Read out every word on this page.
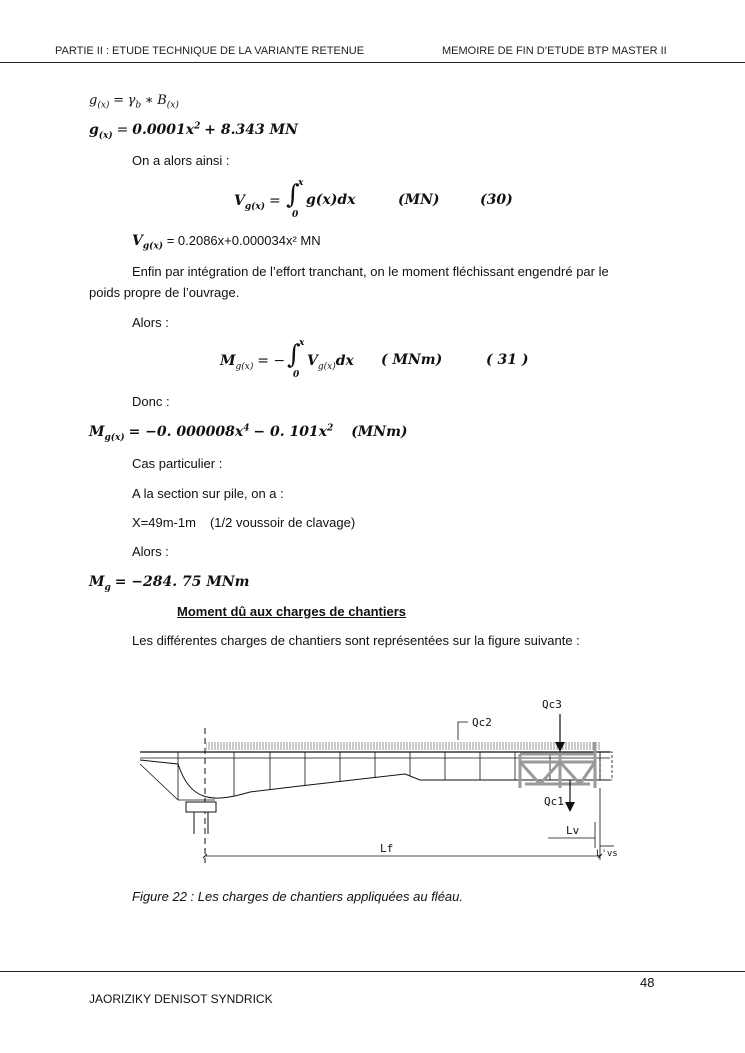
PARTIE II : ETUDE TECHNIQUE DE LA VARIANTE RETENUE	MEMOIRE DE FIN D’ETUDE BTP MASTER II
$g_{(x)} = \gamma_b$ ∗ $B_{(x)}$
$g_{(x)} = 0.0001x^2 + 8.343$ MN
On a alors ainsi :
$V_{g(x)}$ = ∫
x
0
g(x)dx	(MN)	(30)
$V_{g(x)} = 0.2086x+0.000034x^2$ MN
Enfin par intégration de l’effort tranchant, on le moment fléchissant engendré par le
poids propre de l’ouvrage.
Alors :
$M_{g(x)}$ = − ∫
x
0
$V_{g(x)}dx$ ( MNm)	( 31 )
Donc :
$M_{g(x)} = -0$. $000008x^4 - 0$. $101x^2$ (MNm)
Cas particulier :
A la section sur pile, on a :
X=49m-1m (1/2 voussoir de clavage)
Alors :
$M_g = -284$. 75 MNm
Moment dû aux charges de chantiers
Les différentes charges de chantiers sont représentées sur la figure suivante :
Qc3
Qc2
Qc1
Lv
Lf	L'vs
Figure 22 : Les charges de chantiers appliquées au fléau.
48
JAORIZIKY DENISOT SYNDRICK
